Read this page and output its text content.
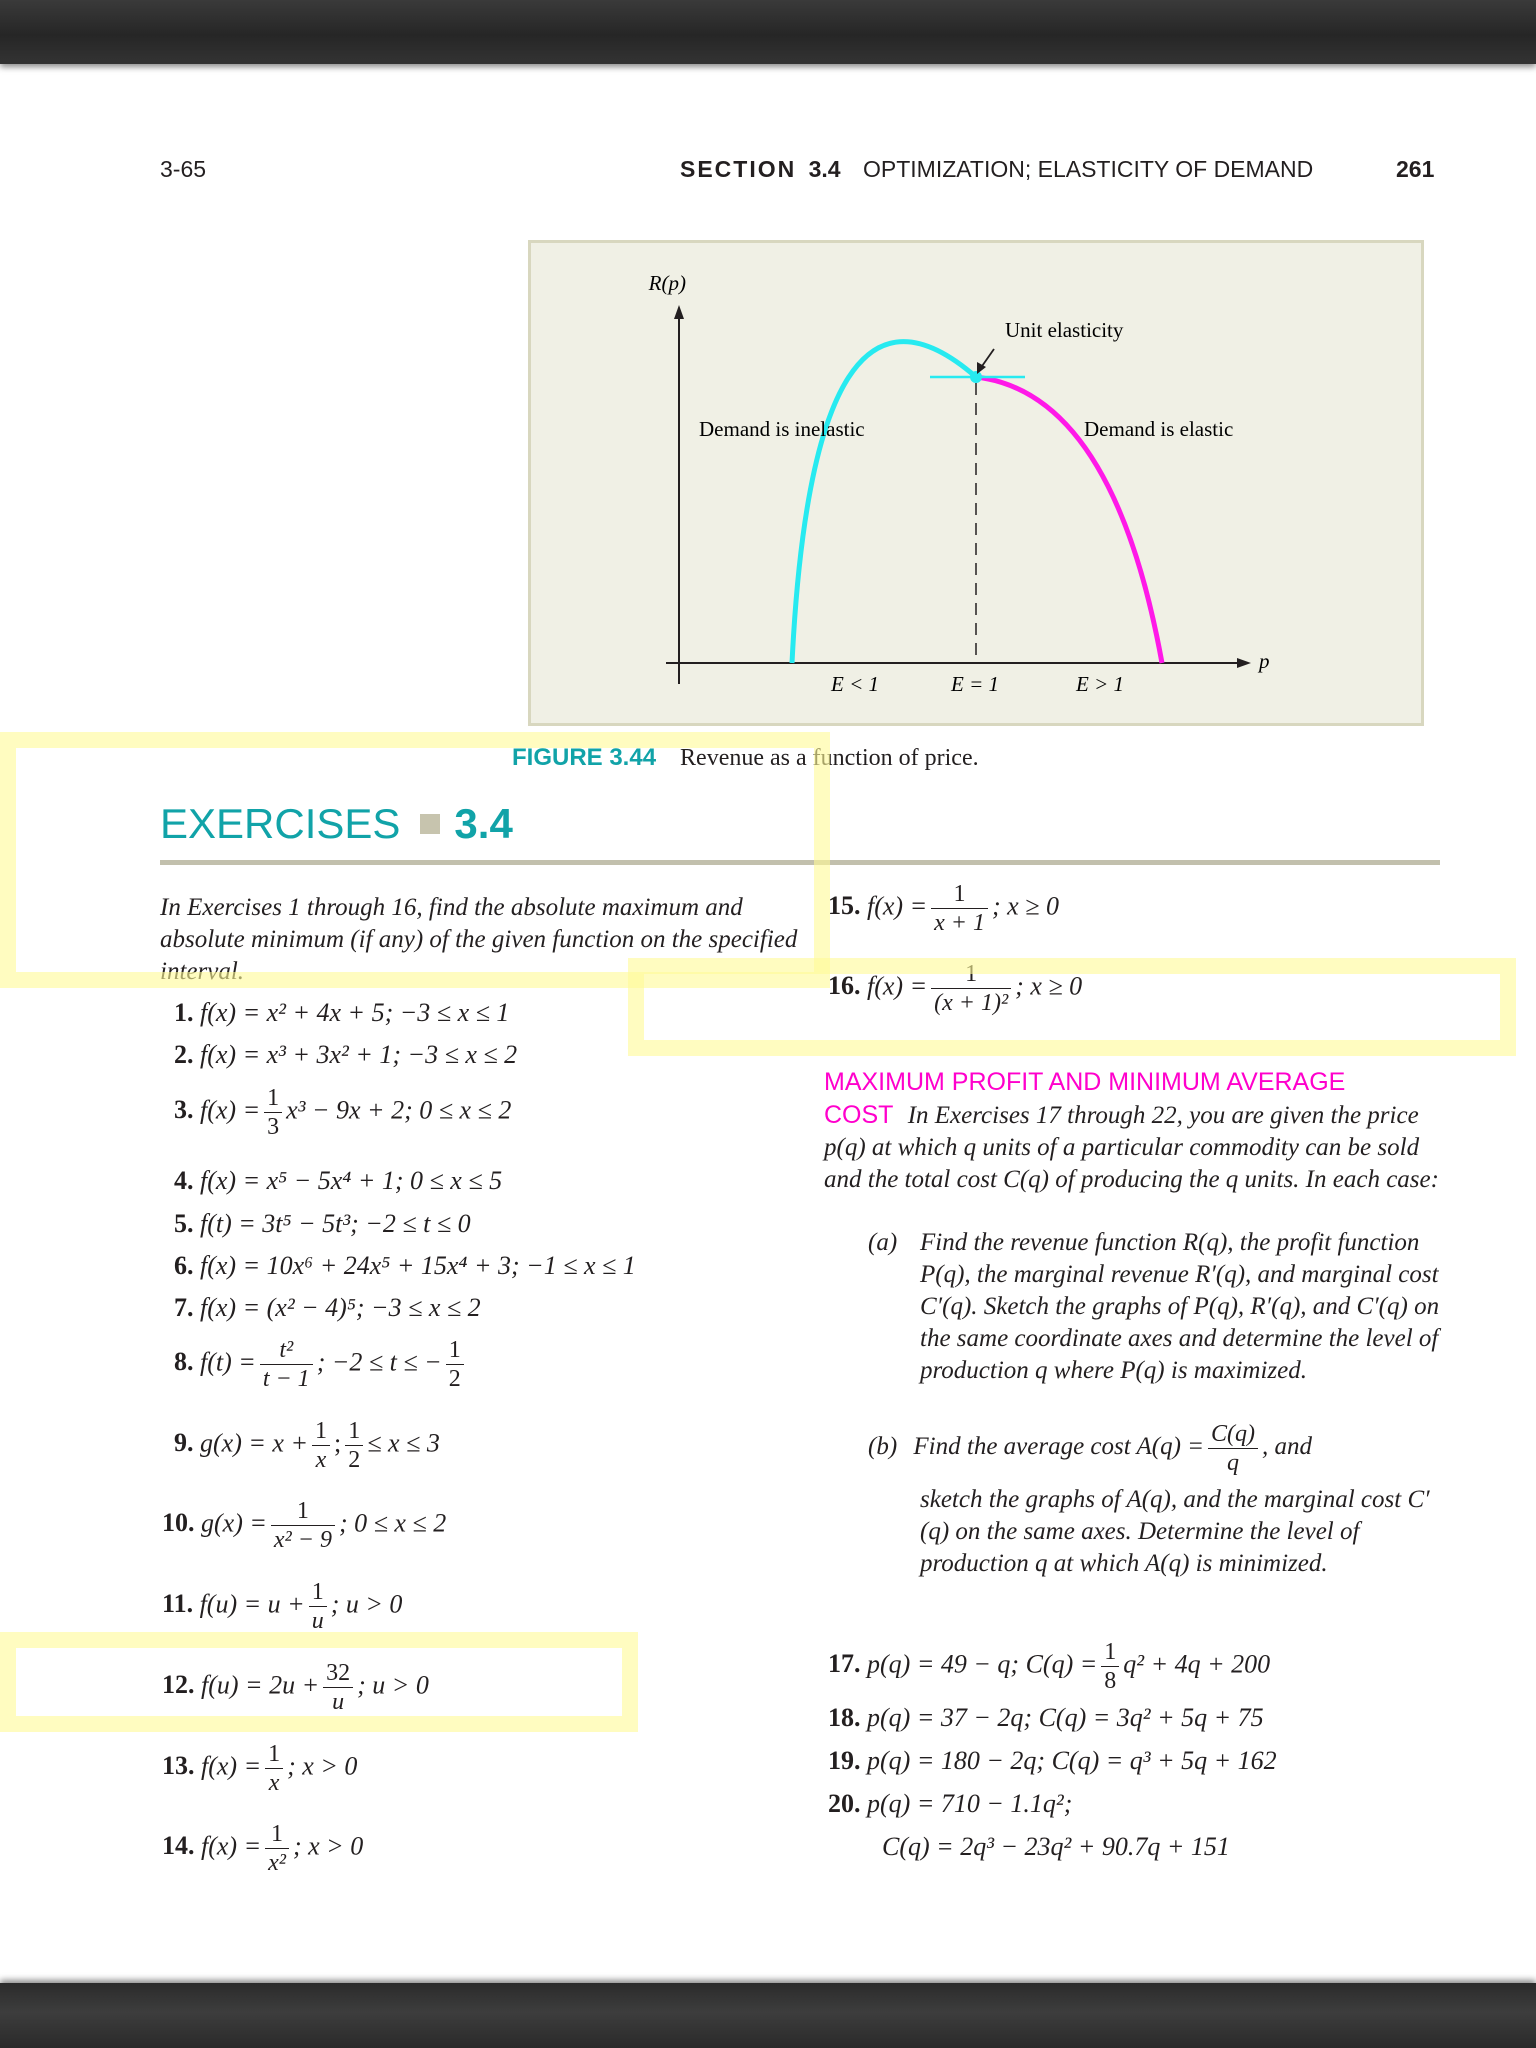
3-65	SECTION 3.4 OPTIMIZATION; ELASTICITY OF DEMAND	261
R(p)
p
Unit elasticity
Demand is inelastic	Demand is elastic
E < 1	E = 1	E > 1
FIGURE 3.44 Revenue as a function of price.
EXERCISES 3.4
In Exercises 1 through 16, find the absolute maximum and absolute minimum (if any) of the given function on the specified interval.
1. f(x) = x² + 4x + 5; −3 ≤ x ≤ 1
2. f(x) = x³ + 3x² + 1; −3 ≤ x ≤ 2
3. $f(x) = \frac{1}{3} x^3 - 9x + 2$; 0 ≤ x ≤ 2
4. f(x) = x⁵ − 5x⁴ + 1; 0 ≤ x ≤ 5
5. f(t) = 3t⁵ − 5t³; −2 ≤ t ≤ 0
6. f(x) = 10x⁶ + 24x⁵ + 15x⁴ + 3; −1 ≤ x ≤ 1
7. f(x) = (x² − 4)⁵; −3 ≤ x ≤ 2
8. $f(t) = \frac{\text{t²}}{t - 1}$ ; −2 ≤ t ≤ − $\frac{1}{2}$
9. $g(x) = x + \frac{1}{x}$ ; $\frac{1}{2} \le x \le 3$
10. $g(x) = \frac{1}{\text{x² − 9}}$ ; 0 ≤ x ≤ 2
11. $f(u) = u + \frac{1}{u}$ ; u > 0
12. $f(u) = 2u + \frac{32}{u}$ ; u > 0
13. $f(x) = \frac{1}{x}$ ; x > 0
14. $f(x) = \frac{1}{\text{x²}}$ ; x > 0
15. $f(x) = \frac{1}{x + 1}$ ; x ≥ 0
16. $f(x) = \frac{1}{\text{(x + 1)²}}$ ; x ≥ 0
MAXIMUM PROFIT AND MINIMUM AVERAGE
COST In Exercises 17 through 22, you are given the price p(q) at which q units of a particular commodity can be sold and the total cost C(q) of producing the q units. In each case:
(a) Find the revenue function R(q), the profit function P(q), the marginal revenue R′(q), and marginal cost C′(q). Sketch the graphs of P(q), R′(q), and C′(q) on the same coordinate axes and determine the level of production q where P(q) is maximized.
(b) Find the average cost $A(q) = \frac{C(q)}{q}$ , and
sketch the graphs of A(q), and the marginal cost C′(q) on the same axes. Determine the level of production q at which A(q) is minimized.
17. p(q) = 49 − q; $C(q) = \frac{1}{8} q^2 + 4q + 200$
18. p(q) = 37 − 2q; C(q) = 3q² + 5q + 75
19. p(q) = 180 − 2q; C(q) = q³ + 5q + 162
20. p(q) = 710 − 1.1q²;
C(q) = 2q³ − 23q² + 90.7q + 151
